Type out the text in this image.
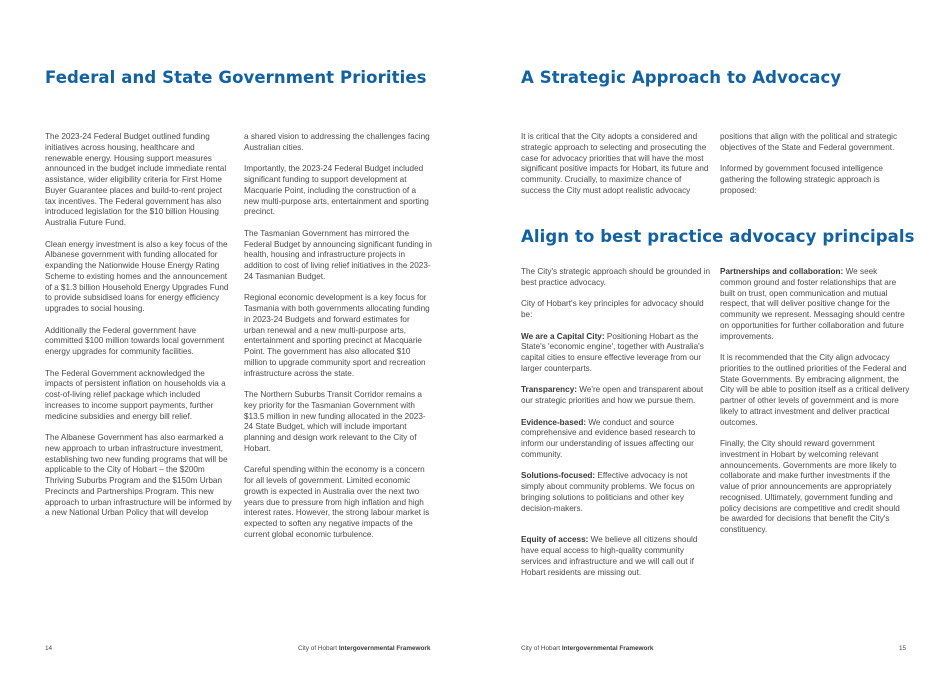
Federal and State Government Priorities

The 2023-24 Federal Budget outlined funding initiatives across housing, healthcare and renewable energy. Housing support measures announced in the budget include immediate rental assistance, wider eligibility criteria for First Home Buyer Guarantee places and build-to-rent project tax incentives. The Federal government has also introduced legislation for the $10 billion Housing Australia Future Fund.

Clean energy investment is also a key focus of the Albanese government with funding allocated for expanding the Nationwide House Energy Rating Scheme to existing homes and the announcement of a $1.3 billion Household Energy Upgrades Fund to provide subsidised loans for energy efficiency upgrades to social housing.

Additionally the Federal government have committed $100 million towards local government energy upgrades for community facilities.

The Federal Government acknowledged the impacts of persistent inflation on households via a cost-of-living relief package which included increases to income support payments, further medicine subsidies and energy bill relief.

The Albanese Government has also earmarked a new approach to urban infrastructure investment, establishing two new funding programs that will be applicable to the City of Hobart – the $200m Thriving Suburbs Program and the $150m Urban Precincts and Partnerships Program. This new approach to urban infrastructure will be informed by a new National Urban Policy that will develop

a shared vision to addressing the challenges facing Australian cities.

Importantly, the 2023-24 Federal Budget included significant funding to support development at Macquarie Point, including the construction of a new multi-purpose arts, entertainment and sporting precinct.

The Tasmanian Government has mirrored the Federal Budget by announcing significant funding in health, housing and infrastructure projects in addition to cost of living relief initiatives in the 2023-24 Tasmanian Budget.

Regional economic development is a key focus for Tasmania with both governments allocating funding in 2023-24 Budgets and forward estimates for urban renewal and a new multi-purpose arts, entertainment and sporting precinct at Macquarie Point. The government has also allocated $10 million to upgrade community sport and recreation infrastructure across the state.

The Northern Suburbs Transit Corridor remains a key priority for the Tasmanian Government with $13.5 million in new funding allocated in the 2023-24 State Budget, which will include important planning and design work relevant to the City of Hobart.

Careful spending within the economy is a concern for all levels of government. Limited economic growth is expected in Australia over the next two years due to pressure from high inflation and high interest rates. However, the strong labour market is expected to soften any negative impacts of the current global economic turbulence.

14	City of Hobart Intergovernmental Framework
A Strategic Approach to Advocacy

It is critical that the City adopts a considered and strategic approach to selecting and prosecuting the case for advocacy priorities that will have the most significant positive impacts for Hobart, its future and community. Crucially, to maximize chance of success the City must adopt realistic advocacy

positions that align with the political and strategic objectives of the State and Federal government.

Informed by government focused intelligence gathering the following strategic approach is proposed:

Align to best practice advocacy principals

The City's strategic approach should be grounded in best practice advocacy.

City of Hobart's key principles for advocacy should be:

We are a Capital City: Positioning Hobart as the State's 'economic engine', together with Australia's capital cities to ensure effective leverage from our larger counterparts.

Transparency: We're open and transparent about our strategic priorities and how we pursue them.

Evidence-based: We conduct and source comprehensive and evidence based research to inform our understanding of issues affecting our community.

Solutions-focused: Effective advocacy is not simply about community problems. We focus on bringing solutions to politicians and other key decision-makers.

Equity of access: We believe all citizens should have equal access to high-quality community services and infrastructure and we will call out if Hobart residents are missing out.

Partnerships and collaboration: We seek common ground and foster relationships that are built on trust, open communication and mutual respect, that will deliver positive change for the community we represent. Messaging should centre on opportunities for further collaboration and future improvements.

It is recommended that the City align advocacy priorities to the outlined priorities of the Federal and State Governments. By embracing alignment, the City will be able to position itself as a critical delivery partner of other levels of government and is more likely to attract investment and deliver practical outcomes.

Finally, the City should reward government investment in Hobart by welcoming relevant announcements. Governments are more likely to collaborate and make further investments if the value of prior announcements are appropriately recognised. Ultimately, government funding and policy decisions are competitive and credit should be awarded for decisions that benefit the City's constituency.

City of Hobart Intergovernmental Framework	15
